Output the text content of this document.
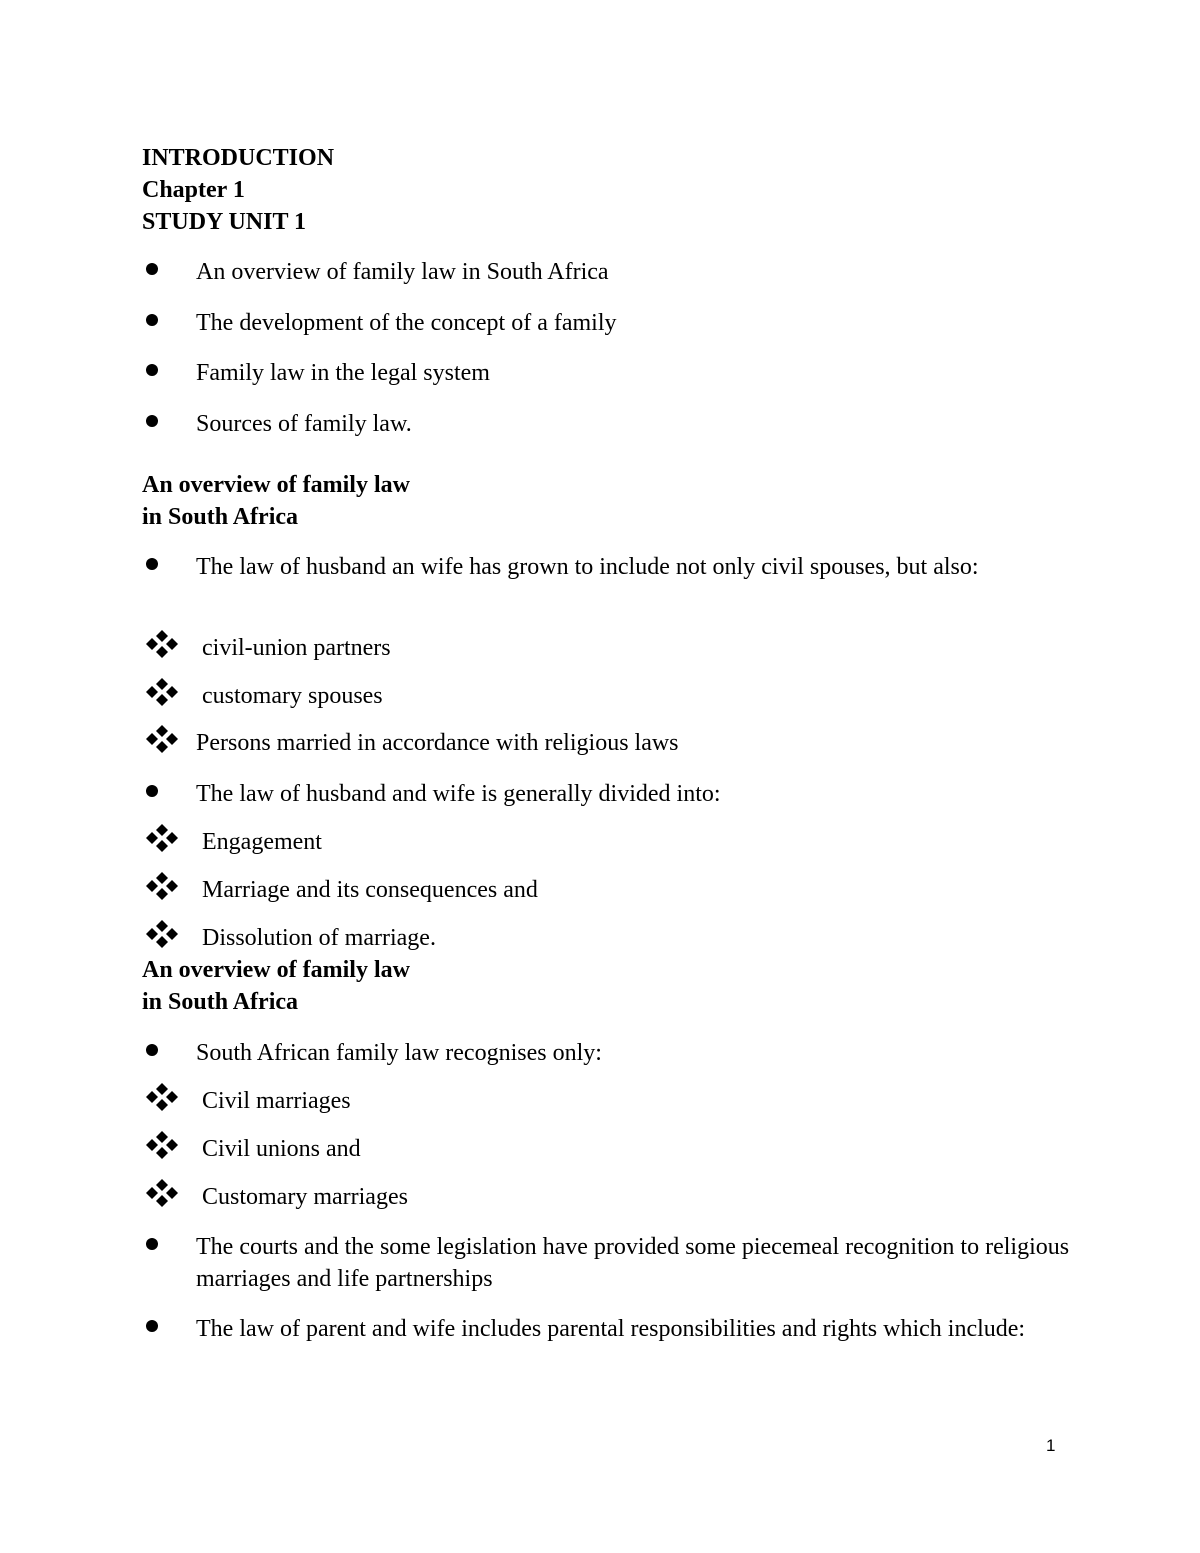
INTRODUCTION
Chapter 1
STUDY UNIT 1
An overview of family law in South Africa
The development of the concept of a family
Family law in the legal system
Sources of family law.
An overview of family law
in South Africa
The law of husband an wife has grown to include not only civil spouses, but also:
civil-union partners
customary spouses
Persons married in accordance with religious laws
The law of husband and wife is generally divided into:
Engagement
Marriage and its consequences and
Dissolution of marriage.
An overview of family law
in South Africa
South African family law recognises only:
Civil marriages
Civil unions and
Customary marriages
The courts and the some legislation have provided some piecemeal recognition to religious marriages and life partnerships
The law of parent and wife includes parental responsibilities and rights which include:
1
